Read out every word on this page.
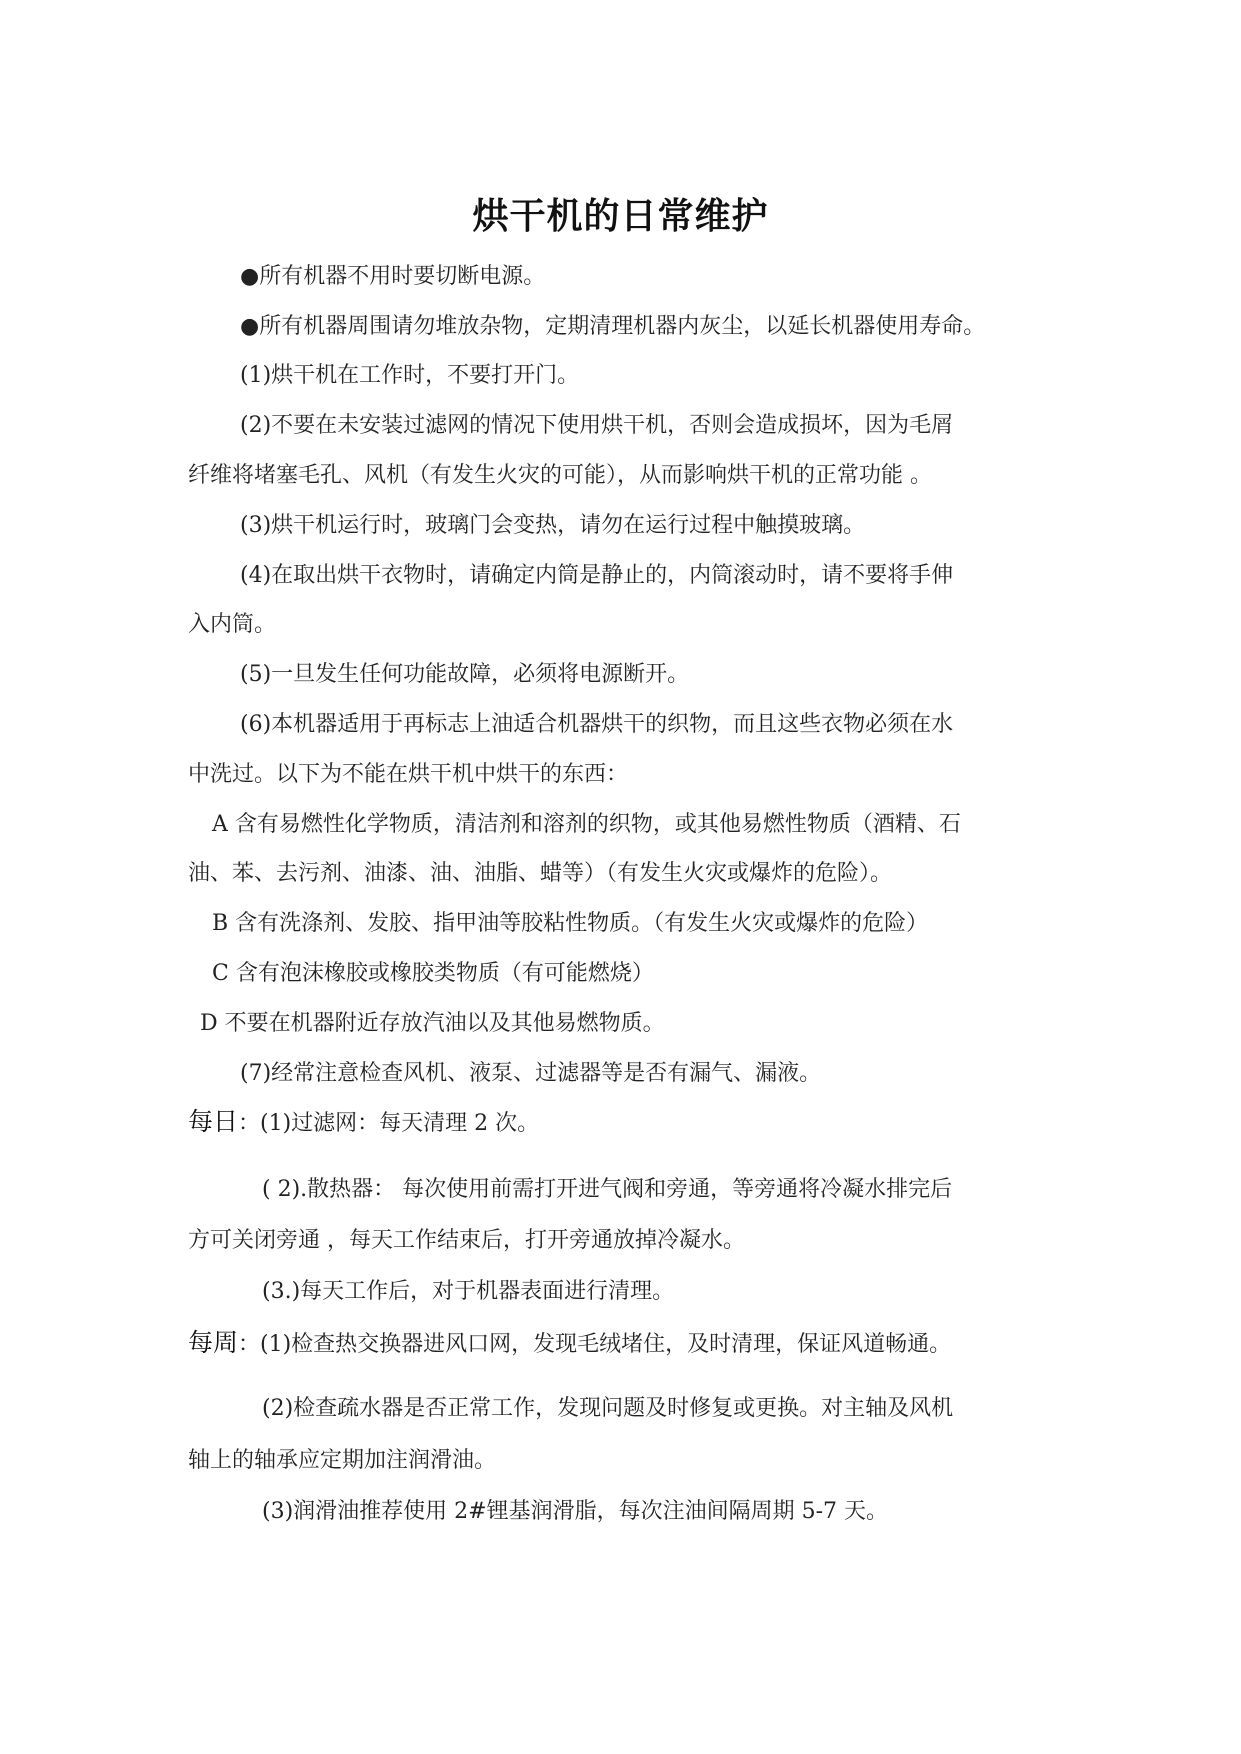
烘干机的日常维护
●所有机器不用时要切断电源。
●所有机器周围请勿堆放杂物，定期清理机器内灰尘，以延长机器使用寿命。
(1)烘干机在工作时，不要打开门。
(2)不要在未安装过滤网的情况下使用烘干机，否则会造成损坏，因为毛屑
纤维将堵塞毛孔、风机（有发生火灾的可能），从而影响烘干机的正常功能 。
(3)烘干机运行时，玻璃门会变热，请勿在运行过程中触摸玻璃。
(4)在取出烘干衣物时，请确定内筒是静止的，内筒滚动时，请不要将手伸
入内筒。
(5)一旦发生任何功能故障，必须将电源断开。
(6)本机器适用于再标志上油适合机器烘干的织物，而且这些衣物必须在水
中洗过。以下为不能在烘干机中烘干的东西：
A 含有易燃性化学物质，清洁剂和溶剂的织物，或其他易燃性物质（酒精、石
油、苯、去污剂、油漆、油、油脂、蜡等）（有发生火灾或爆炸的危险）。
B 含有洗涤剂、发胶、指甲油等胶粘性物质。（有发生火灾或爆炸的危险）
C 含有泡沫橡胶或橡胶类物质（有可能燃烧）
D 不要在机器附近存放汽油以及其他易燃物质。
(7)经常注意检查风机、液泵、过滤器等是否有漏气、漏液。
每日：(1)过滤网：每天清理 2 次。
( 2).散热器： 每次使用前需打开进气阀和旁通，等旁通将冷凝水排完后
方可关闭旁通 ，每天工作结束后，打开旁通放掉冷凝水。
(3.)每天工作后，对于机器表面进行清理。
每周：(1)检查热交换器进风口网，发现毛绒堵住，及时清理，保证风道畅通。
(2)检查疏水器是否正常工作，发现问题及时修复或更换。对主轴及风机
轴上的轴承应定期加注润滑油。
(3)润滑油推荐使用 2#锂基润滑脂，每次注油间隔周期 5-7 天。
